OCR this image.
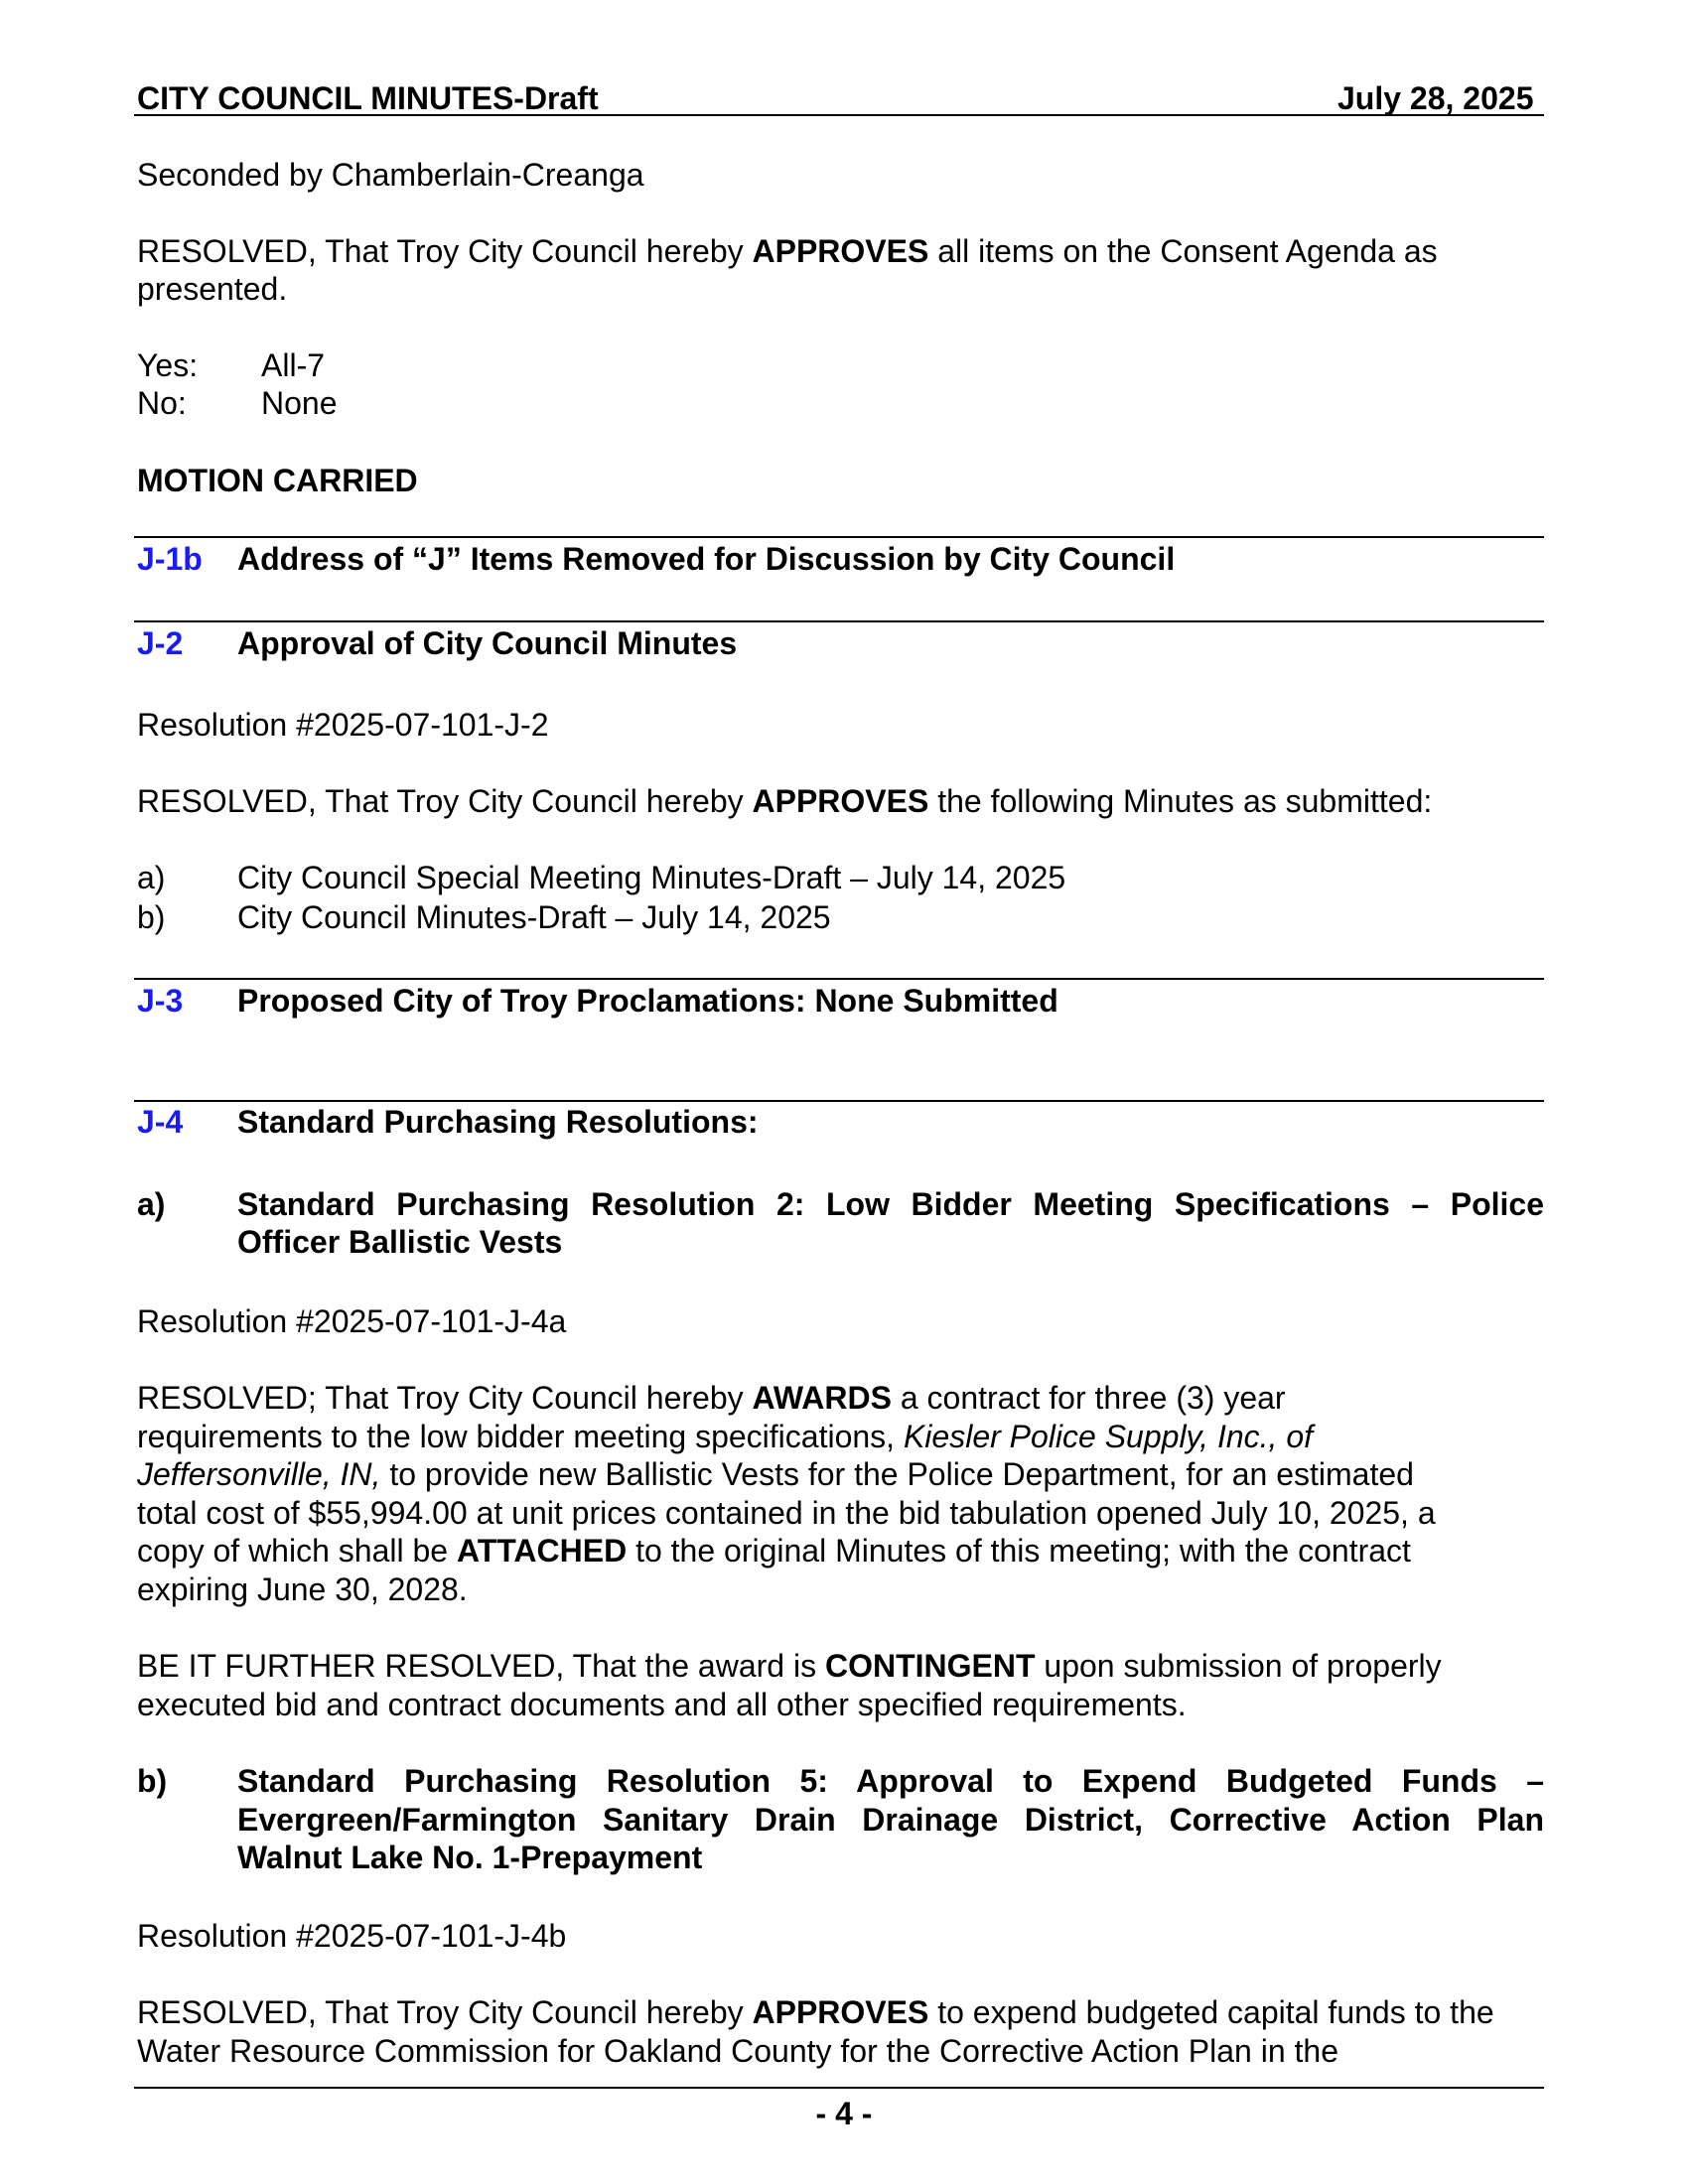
CITY COUNCIL MINUTES-Draft	July 28, 2025
Seconded by Chamberlain-Creanga
RESOLVED, That Troy City Council hereby APPROVES all items on the Consent Agenda as
presented.
Yes: All-7
No: None
MOTION CARRIED
J-1b Address of “J” Items Removed for Discussion by City Council
J-2 Approval of City Council Minutes
Resolution #2025-07-101-J-2
RESOLVED, That Troy City Council hereby APPROVES the following Minutes as submitted:
a) City Council Special Meeting Minutes-Draft – July 14, 2025
b) City Council Minutes-Draft – July 14, 2025
J-3 Proposed City of Troy Proclamations: None Submitted
J-4 Standard Purchasing Resolutions:
a) Standard Purchasing Resolution 2: Low Bidder Meeting Specifications – Police
Officer Ballistic Vests
Resolution #2025-07-101-J-4a
RESOLVED; That Troy City Council hereby AWARDS a contract for three (3) year
requirements to the low bidder meeting specifications, Kiesler Police Supply, Inc., of
Jeffersonville, IN, to provide new Ballistic Vests for the Police Department, for an estimated
total cost of $55,994.00 at unit prices contained in the bid tabulation opened July 10, 2025, a
copy of which shall be ATTACHED to the original Minutes of this meeting; with the contract
expiring June 30, 2028.
BE IT FURTHER RESOLVED, That the award is CONTINGENT upon submission of properly
executed bid and contract documents and all other specified requirements.
b) Standard Purchasing Resolution 5: Approval to Expend Budgeted Funds –
Evergreen/Farmington Sanitary Drain Drainage District, Corrective Action Plan
Walnut Lake No. 1-Prepayment
Resolution #2025-07-101-J-4b
RESOLVED, That Troy City Council hereby APPROVES to expend budgeted capital funds to the
Water Resource Commission for Oakland County for the Corrective Action Plan in the
- 4 -
